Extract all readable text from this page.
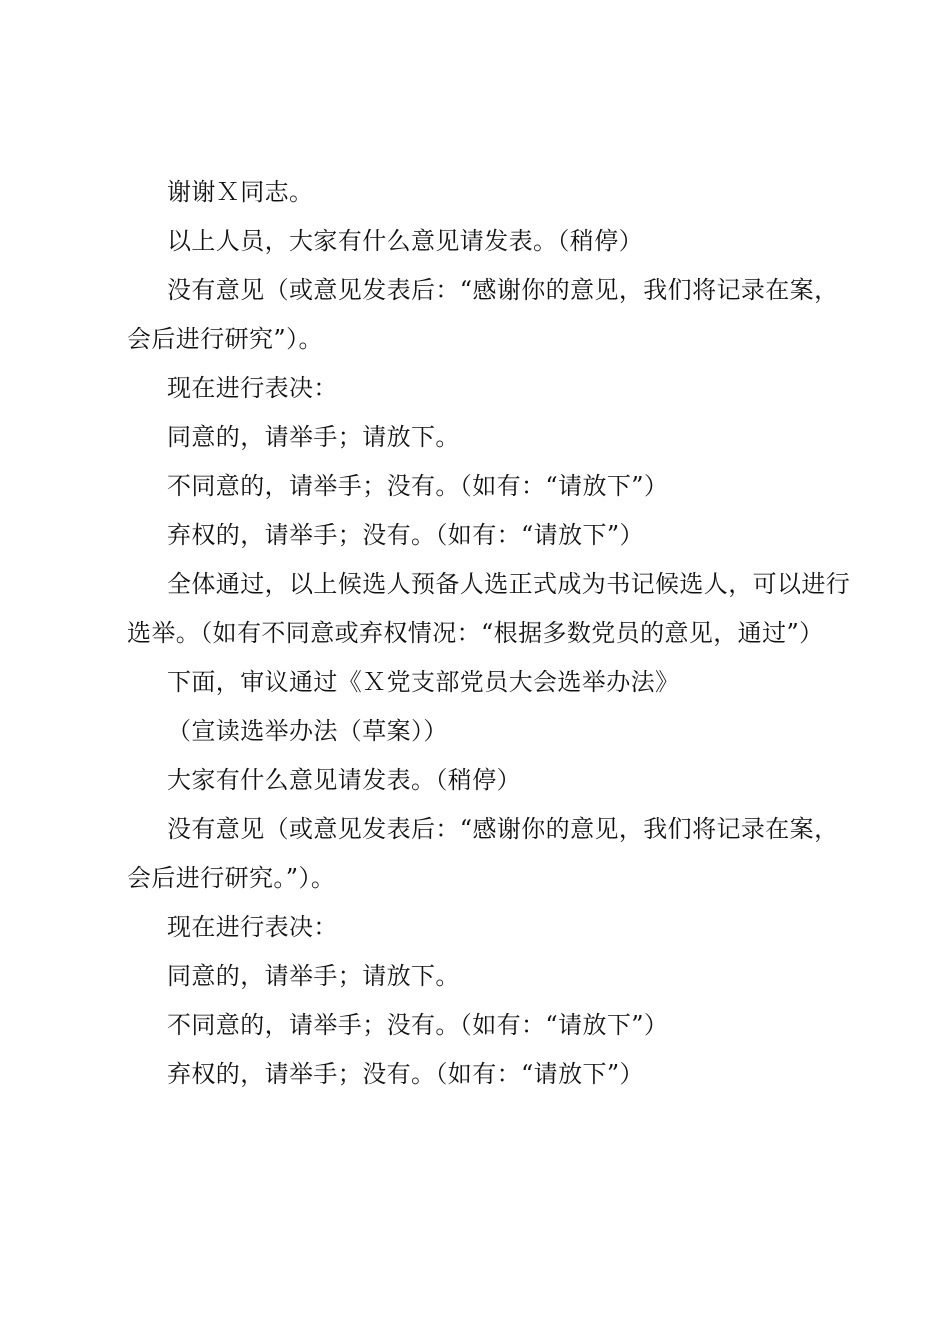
谢谢Ｘ同志。

以上人员，大家有什么意见请发表。（稍停）

没有意见（或意见发表后：“感谢你的意见，我们将记录在案，会后进行研究”）。

现在进行表决：

同意的，请举手；请放下。

不同意的，请举手；没有。（如有：“请放下”）

弃权的，请举手；没有。（如有：“请放下”）

全体通过，以上候选人预备人选正式成为书记候选人，可以进行选举。（如有不同意或弃权情况：“根据多数党员的意见，通过”）

下面，审议通过《Ｘ党支部党员大会选举办法》

（宣读选举办法（草案））

大家有什么意见请发表。（稍停）

没有意见（或意见发表后：“感谢你的意见，我们将记录在案，会后进行研究。”）。

现在进行表决：

同意的，请举手；请放下。

不同意的，请举手；没有。（如有：“请放下”）

弃权的，请举手；没有。（如有：“请放下”）
